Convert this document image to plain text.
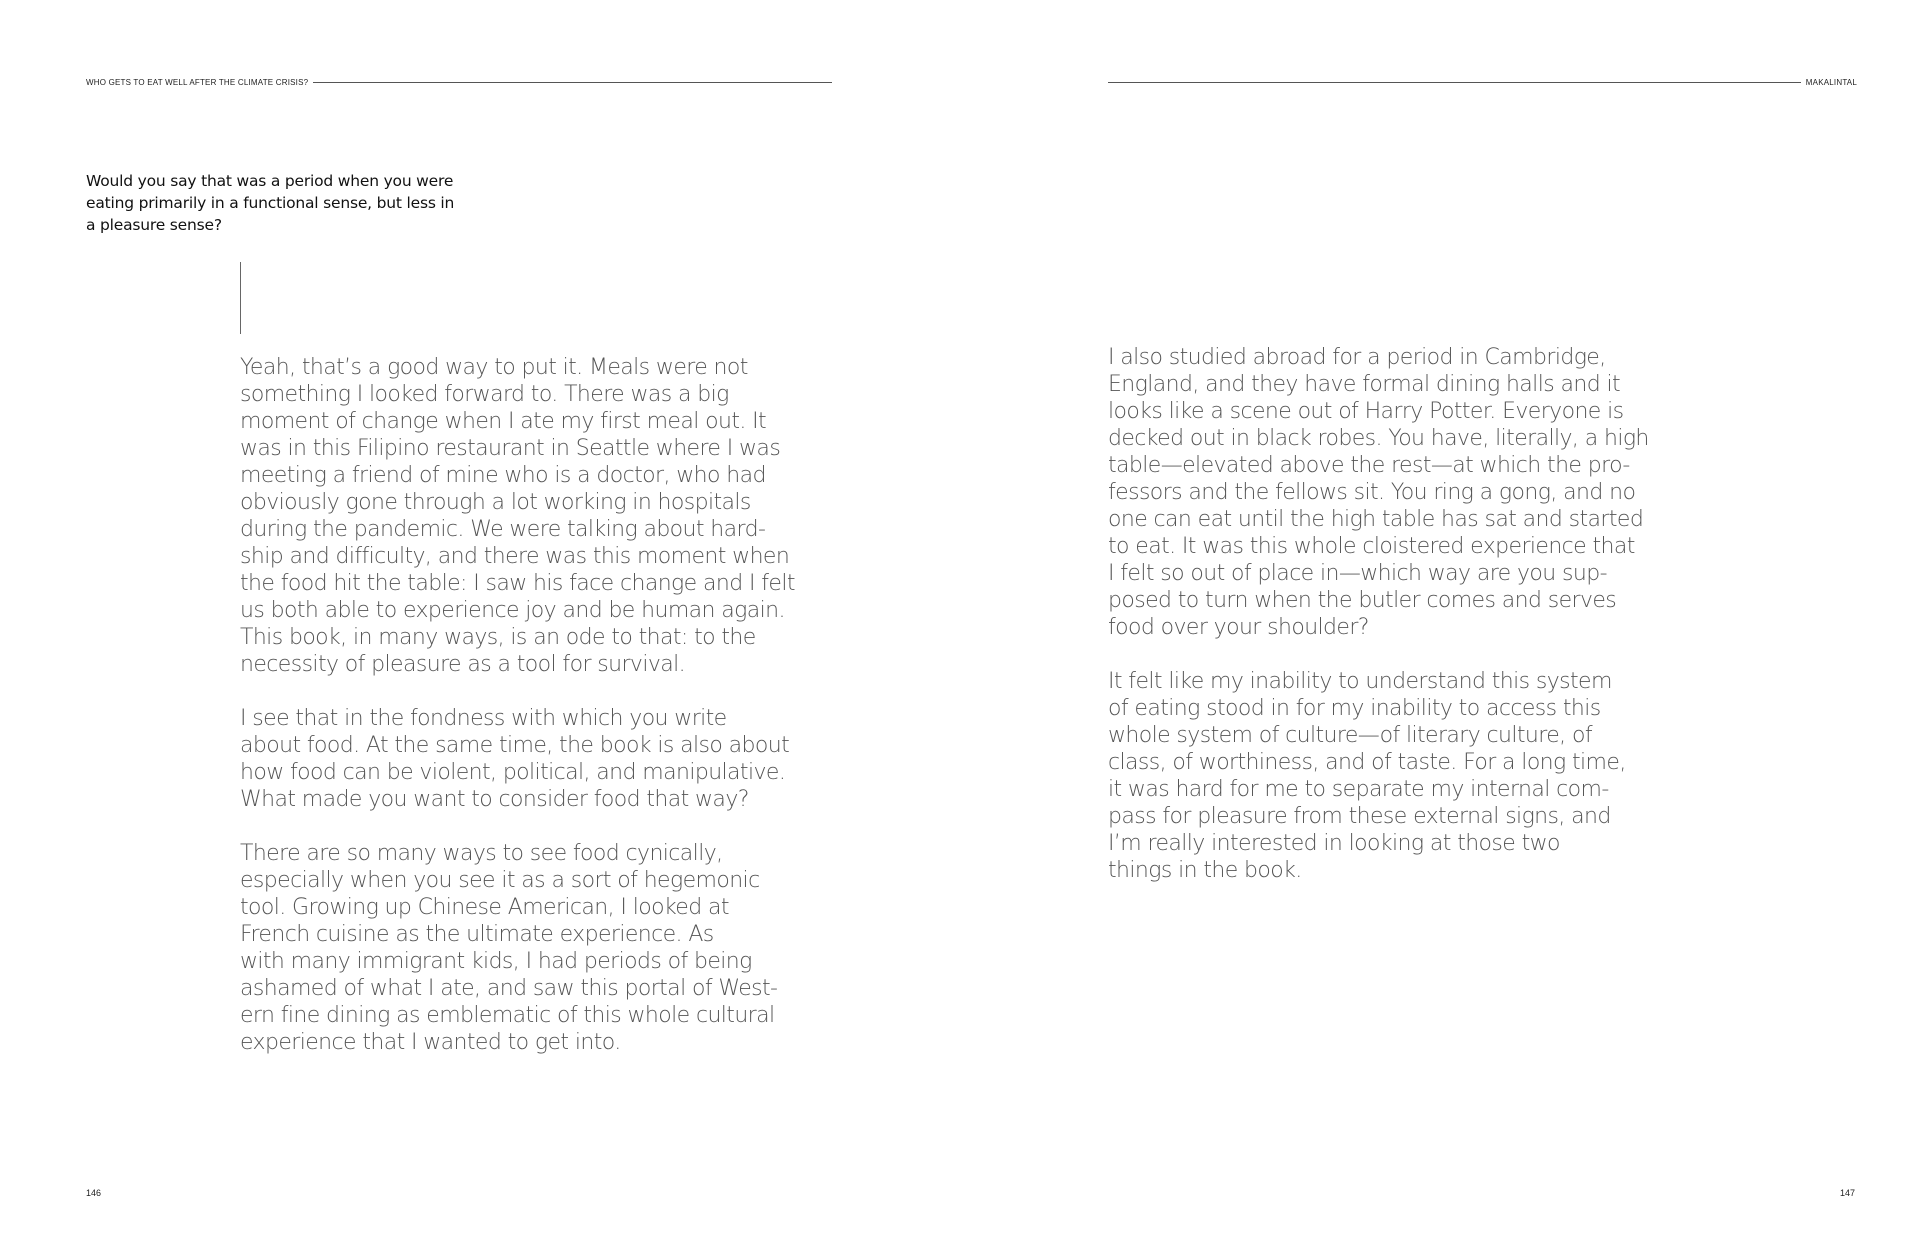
WHO GETS TO EAT WELL AFTER THE CLIMATE CRISIS?	MAKALINTAL
Would you say that was a period when you were eating primarily in a functional sense, but less in a pleasure sense?

Yeah, that’s a good way to put it. Meals were not
something I looked forward to. There was a big
moment of change when I ate my first meal out. It
was in this Filipino restaurant in Seattle where I was
meeting a friend of mine who is a doctor, who had
obviously gone through a lot working in hospitals
during the pandemic. We were talking about hard-
ship and difficulty, and there was this moment when
the food hit the table: I saw his face change and I felt
us both able to experience joy and be human again.
This book, in many ways, is an ode to that: to the
necessity of pleasure as a tool for survival.

I see that in the fondness with which you write
about food. At the same time, the book is also about
how food can be violent, political, and manipulative.
What made you want to consider food that way?

There are so many ways to see food cynically,
especially when you see it as a sort of hegemonic
tool. Growing up Chinese American, I looked at
French cuisine as the ultimate experience. As
with many immigrant kids, I had periods of being
ashamed of what I ate, and saw this portal of West-
ern fine dining as emblematic of this whole cultural
experience that I wanted to get into.

I also studied abroad for a period in Cambridge,
England, and they have formal dining halls and it
looks like a scene out of Harry Potter. Everyone is
decked out in black robes. You have, literally, a high
table—elevated above the rest—at which the pro-
fessors and the fellows sit. You ring a gong, and no
one can eat until the high table has sat and started
to eat. It was this whole cloistered experience that
I felt so out of place in—which way are you sup-
posed to turn when the butler comes and serves
food over your shoulder?

It felt like my inability to understand this system
of eating stood in for my inability to access this
whole system of culture—of literary culture, of
class, of worthiness, and of taste. For a long time,
it was hard for me to separate my internal com-
pass for pleasure from these external signs, and
I’m really interested in looking at those two
things in the book.

146	147
